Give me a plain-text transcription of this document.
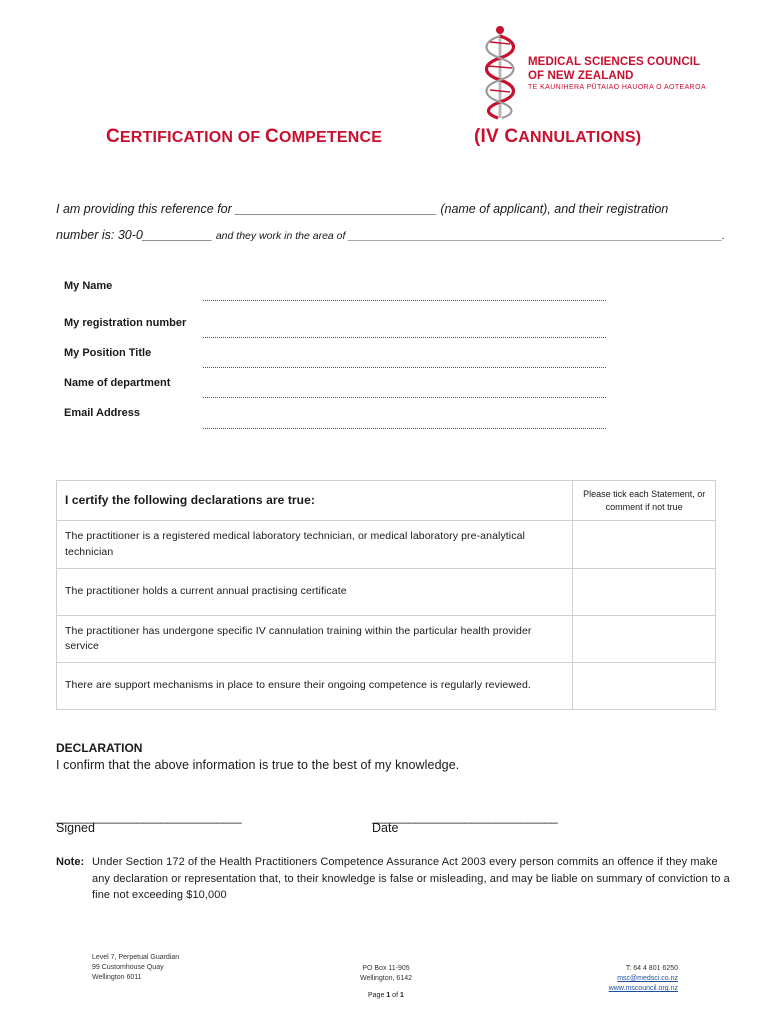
MEDICAL SCIENCES COUNCIL
OF NEW ZEALAND
TE KAUNIHERA PŪTAIAO HAUORA O AOTEAROA
CERTIFICATION OF COMPETENCE	(IV CANNULATIONS)
I am providing this reference for _____________________________ (name of applicant), and their registration
number is: 30-0__________ and they work in the area of ________________________________________________________________.
My Name
My registration number
My Position Title
Name of department
Email Address
I certify the following declarations are true:	Please tick each Statement, or comment if not true
The practitioner is a registered medical laboratory technician, or medical laboratory pre-analytical technician	
The practitioner holds a current annual practising certificate	
The practitioner has undergone specific IV cannulation training within the particular health provider service	
There are support mechanisms in place to ensure their ongoing competence is regularly reviewed.	
DECLARATION
I confirm that the above information is true to the best of my knowledge.
______________________________	______________________________
Signed	Date
Note: Under Section 172 of the Health Practitioners Competence Assurance Act 2003 every person commits an offence if they make any declaration or representation that, to their knowledge is false or misleading, and may be liable on summary of conviction to a fine not exceeding $10,000
Level 7, Perpetual Guardian
99 Customhouse Quay
Wellington 6011
PO Box 11-905
Wellington, 6142
T: 64 4 801 6250
msc@medsci.co.nz
www.mscouncil.org.nz
Page 1 of 1
